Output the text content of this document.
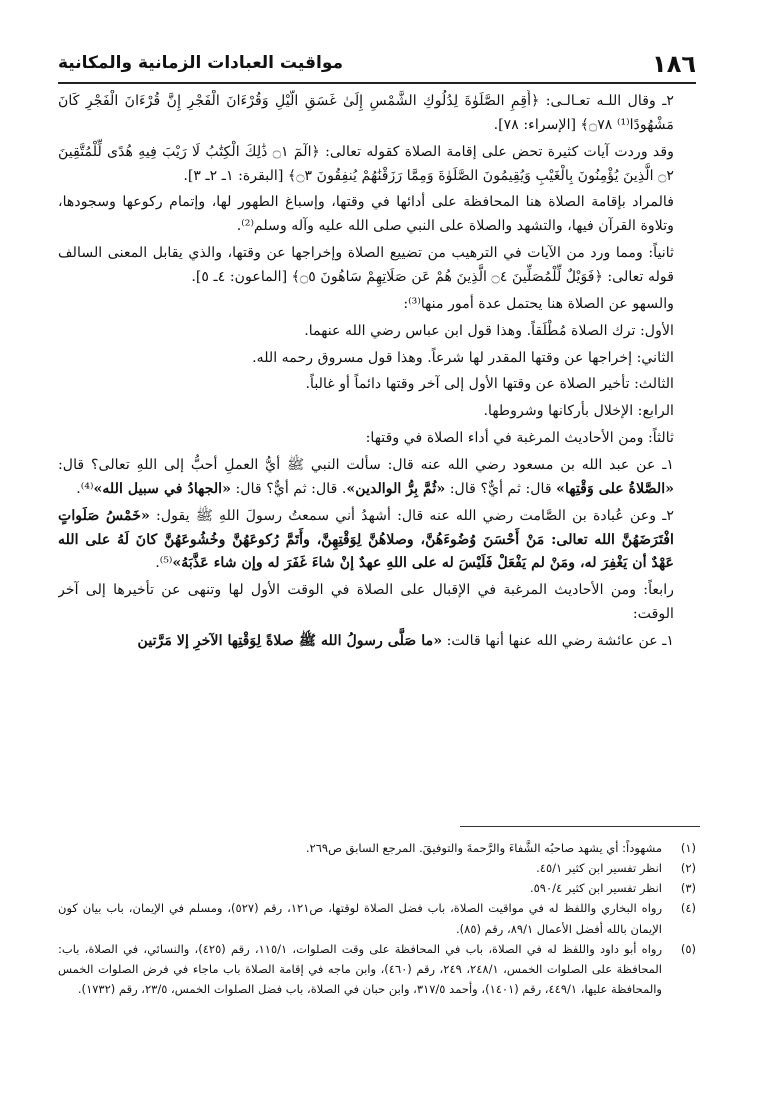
١٨٦
مواقيت العبادات الزمانية والمكانية

٢ـ وقال اللـه تعـالـى: ﴿أَقِمِ الصَّلَوٰةَ لِدُلُوكِ الشَّمْسِ إِلَىٰ غَسَقِ الَّيْلِ وَقُرْءَانَ الْفَجْرِ إِنَّ قُرْءَانَ الْفَجْرِ كَانَ مَشْهُودًا⁽¹⁾ ۝٧٨﴾ [الإسراء: ٧٨].

وقد وردت آيات كثيرة تحض على إقامة الصلاة كقوله تعالى: ﴿الٓمٓ ۝١ ذَٰلِكَ الْكِتَٰبُ لَا رَيْبَ فِيهِ هُدًى لِّلْمُتَّقِينَ ۝٢ الَّذِينَ يُؤْمِنُونَ بِالْغَيْبِ وَيُقِيمُونَ الصَّلَوٰةَ وَمِمَّا رَزَقْنَٰهُمْ يُنفِقُونَ ۝٣﴾ [البقرة: ١ـ ٢ـ ٣].

فالمراد بإقامة الصلاة هنا المحافظة على أدائها في وقتها، وإسباغ الطهور لها، وإتمام ركوعها وسجودها، وتلاوة القرآن فيها، والتشهد والصلاة على النبي صلى الله عليه وآله وسلم⁽²⁾.

ثانياً: ومما ورد من الآيات في الترهيب من تضييع الصلاة وإخراجها عن وقتها، والذي يقابل المعنى السالف قوله تعالى: ﴿فَوَيْلٌ لِّلْمُصَلِّينَ ۝٤ الَّذِينَ هُمْ عَن صَلَاتِهِمْ سَاهُونَ ۝٥﴾ [الماعون: ٤ـ ٥].

والسهو عن الصلاة هنا يحتمل عدة أمور منها⁽³⁾:

الأول: ترك الصلاة مُطْلَقاً. وهذا قول ابن عباس رضي الله عنهما.

الثاني: إخراجها عن وقتها المقدر لها شرعاً. وهذا قول مسروق رحمه الله.

الثالث: تأخير الصلاة عن وقتها الأول إلى آخر وقتها دائماً أو غالباً.

الرابع: الإخلال بأركانها وشروطها.

ثالثاً: ومن الأحاديث المرغبة في أداء الصلاة في وقتها:

١ـ عن عبد الله بن مسعود رضي الله عنه قال: سألت النبي ﷺ أيُّ العملِ أحبُّ إلى اللهِ تعالى؟ قال: «الصَّلاةُ على وَقْتِها» قال: ثم أيٌّ؟ قال: «ثُمَّ بِرُّ الوالدين». قال: ثم أيٌّ؟ قال: «الجهادُ في سبيل الله»⁽⁴⁾.

٢ـ وعن عُبادة بن الصَّامت رضي الله عنه قال: أشهدُ أني سمعتُ رسولَ اللهِ ﷺ يقول: «خَمْسُ صَلَواتٍ افْتَرَضَهُنَّ الله تعالى: مَنْ أَحْسَنَ وُضُوءَهُنَّ، وصلاهُنَّ لِوَقْتِهِنَّ، وأَتَمَّ رُكوعَهُنَّ وخُشُوعَهُنَّ كانَ لَهُ على الله عَهْدٌ أن يَغْفِرَ له، ومَنْ لم يَفْعَلْ فَلَيْسَ له على اللهِ عهدٌ إنْ شاءَ غَفَرَ له وإن شاء عَذَّبَهُ»⁽⁵⁾.

رابعاً: ومن الأحاديث المرغبة في الإقبال على الصلاة في الوقت الأول لها وتنهى عن تأخيرها إلى آخر الوقت:

١ـ عن عائشة رضي الله عنها أنها قالت: «ما صَلَّى رسولُ الله ﷺ صلاةً لِوَقْتِها الآخرِ إلا مَرَّتين

(١)
مشهوداً: أي يشهد صاحبُه الشَّفاءَ والرَّحمةَ والتوفيقَ. المرجع السابق ص٢٦٩.
(٢)
انظر تفسير ابن كثير ٤٥/١.
(٣)
انظر تفسير ابن كثير ٥٩٠/٤.
(٤)
رواه البخاري واللفظ له في مواقيت الصلاة، باب فضل الصلاة لوقتها، ص١٢١، رقم (٥٢٧)، ومسلم في الإيمان، باب بيان كون الإيمان بالله أفضل الأعمال ٨٩/١، رقم (٨٥).
(٥)
رواه أبو داود واللفظ له في الصلاة، باب في المحافظة على وقت الصلوات، ١١٥/١، رقم (٤٢٥)، والنسائي، في الصلاة، باب: المحافظة على الصلوات الخمس، ٢٤٨/١، ٢٤٩، رقم (٤٦٠)، وابن ماجه في إقامة الصلاة باب ماجاء في فرض الصلوات الخمس والمحافظة عليها، ٤٤٩/١، رقم (١٤٠١)، وأحمد ٣١٧/٥، وابن حبان في الصلاة، باب فضل الصلوات الخمس، ٢٣/٥، رقم (١٧٣٢).
